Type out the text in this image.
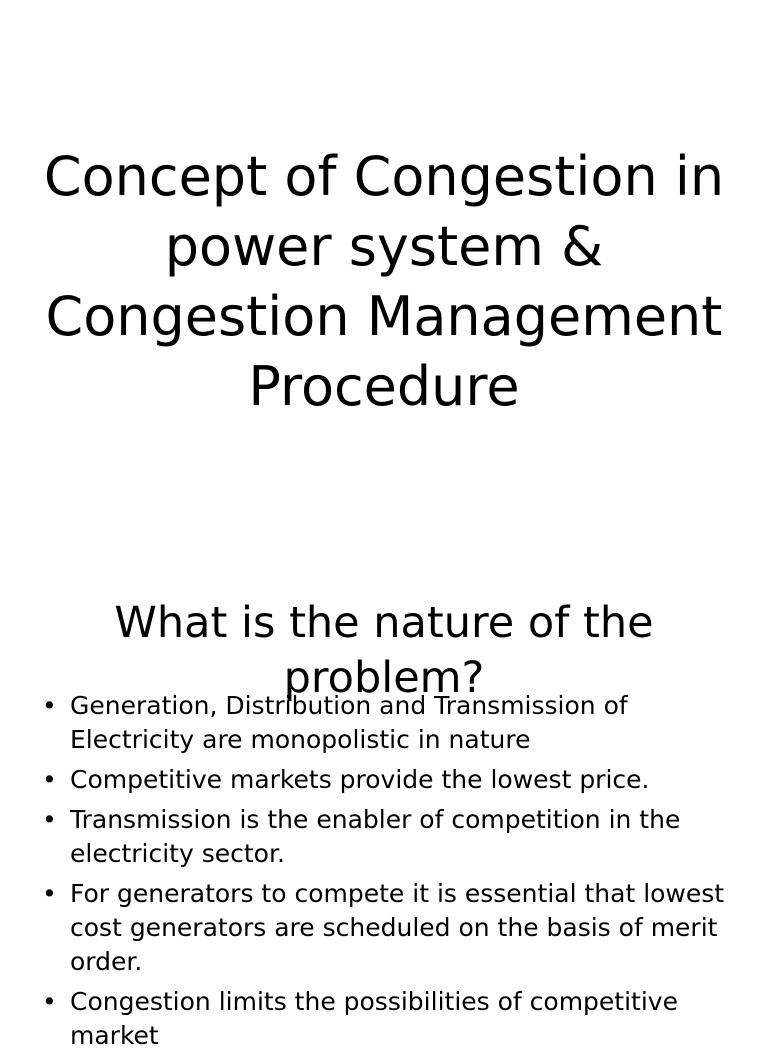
Concept of Congestion in power system & Congestion Management Procedure
What is the nature of the problem?
• Generation, Distribution and Transmission of Electricity are monopolistic in nature
• Competitive markets provide the lowest price.
• Transmission is the enabler of competition in the electricity sector.
• For generators to compete it is essential that lowest cost generators are scheduled on the basis of merit order.
• Congestion limits the possibilities of competitive market
